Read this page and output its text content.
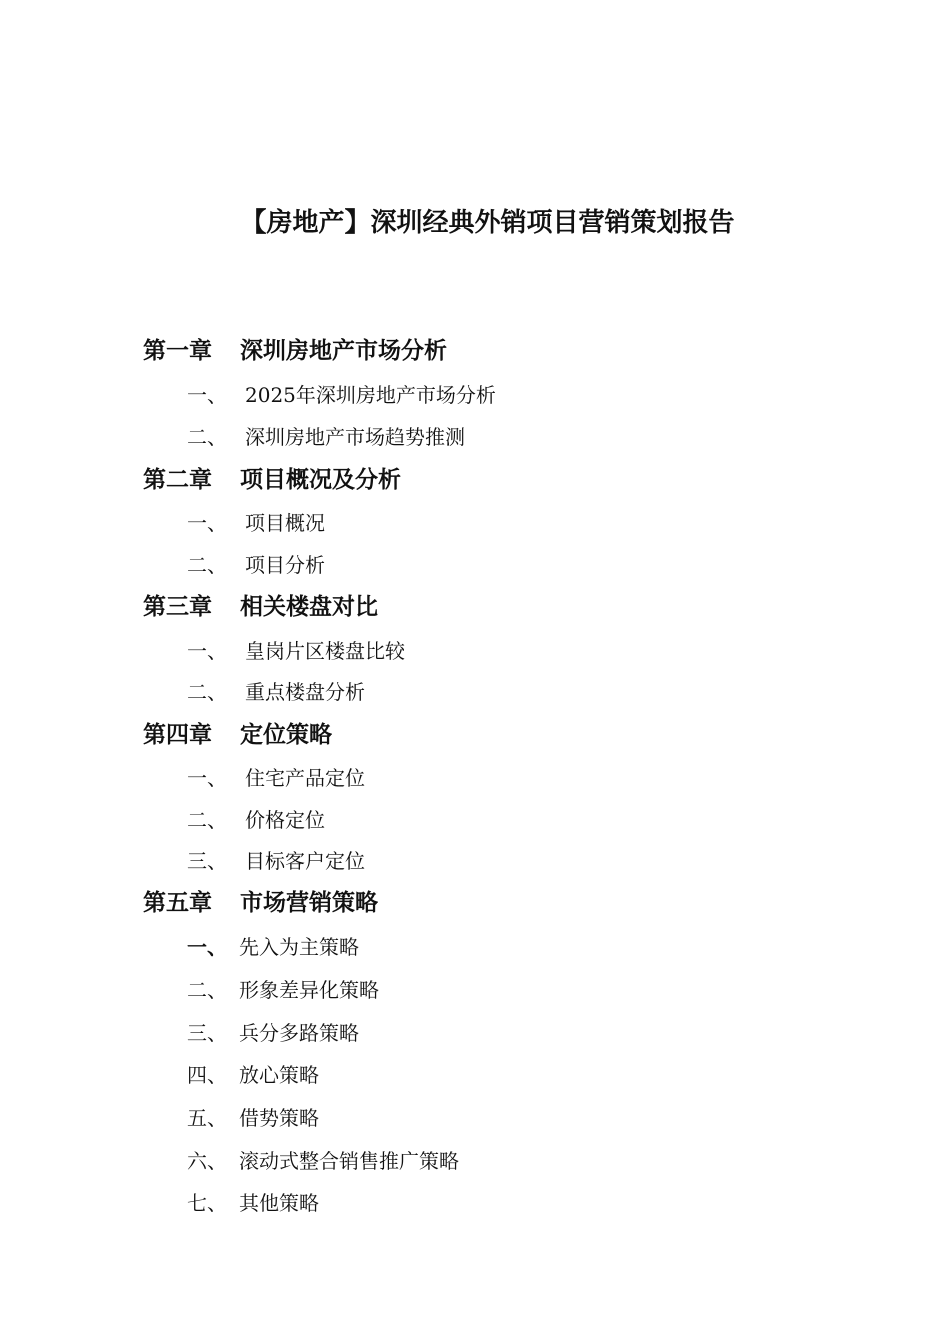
【房地产】深圳经典外销项目营销策划报告
第一章 深圳房地产市场分析
一、 2025年深圳房地产市场分析
二、 深圳房地产市场趋势推测
第二章 项目概况及分析
一、 项目概况
二、 项目分析
第三章 相关楼盘对比
一、 皇岗片区楼盘比较
二、 重点楼盘分析
第四章 定位策略
一、 住宅产品定位
二、 价格定位
三、 目标客户定位
第五章 市场营销策略
一、 先入为主策略
二、 形象差异化策略
三、 兵分多路策略
四、 放心策略
五、 借势策略
六、 滚动式整合销售推广策略
七、 其他策略
